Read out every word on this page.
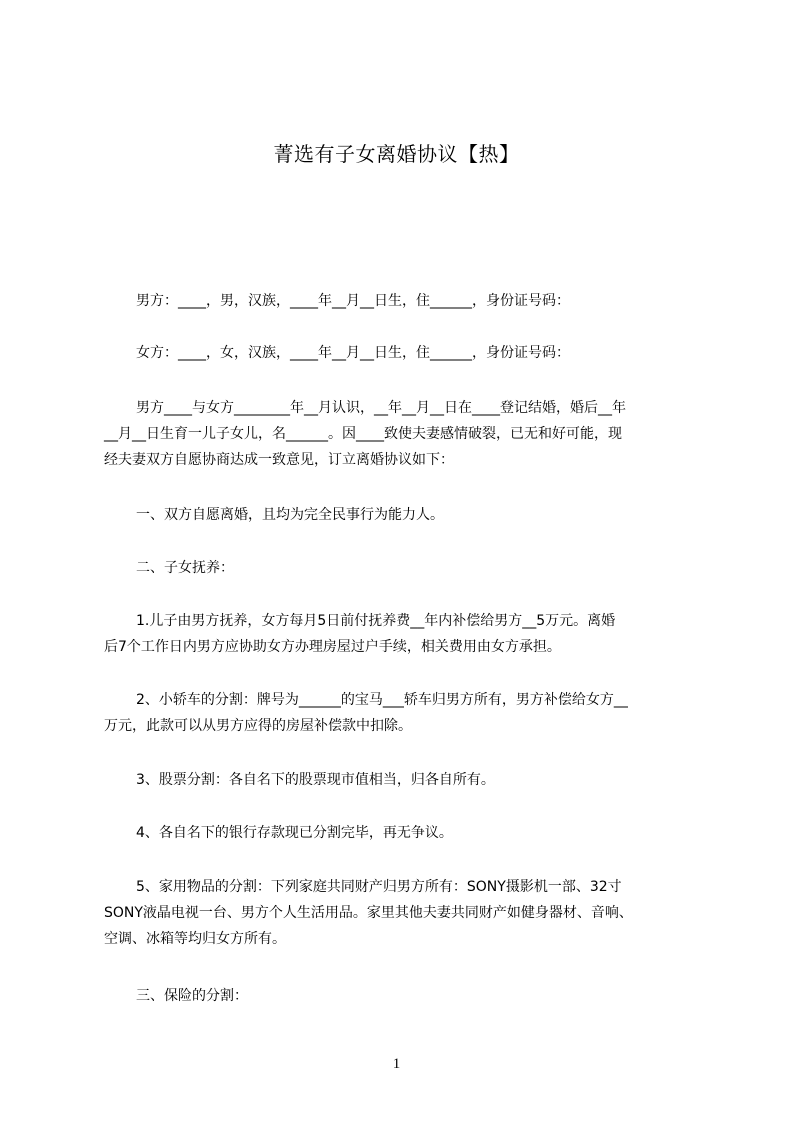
菁选有子女离婚协议【热】
男方：____，男，汉族，____年__月__日生，住______，身份证号码：
女方：____，女，汉族，____年__月__日生，住______，身份证号码：
男方____与女方________年__月认识，__年__月__日在____登记结婚，婚后__年
__月__日生育一儿子女儿，名______。因____致使夫妻感情破裂，已无和好可能，现
经夫妻双方自愿协商达成一致意见，订立离婚协议如下：
一、双方自愿离婚，且均为完全民事行为能力人。
二、子女抚养：
1.儿子由男方抚养，女方每月5日前付抚养费__年内补偿给男方__5万元。离婚
后7个工作日内男方应协助女方办理房屋过户手续，相关费用由女方承担。
2、小轿车的分割：牌号为______的宝马___轿车归男方所有，男方补偿给女方__
万元，此款可以从男方应得的房屋补偿款中扣除。
3、股票分割：各自名下的股票现市值相当，归各自所有。
4、各自名下的银行存款现已分割完毕，再无争议。
5、家用物品的分割：下列家庭共同财产归男方所有：SONY摄影机一部、32寸
SONY液晶电视一台、男方个人生活用品。家里其他夫妻共同财产如健身器材、音响、
空调、冰箱等均归女方所有。
三、保险的分割：
1
